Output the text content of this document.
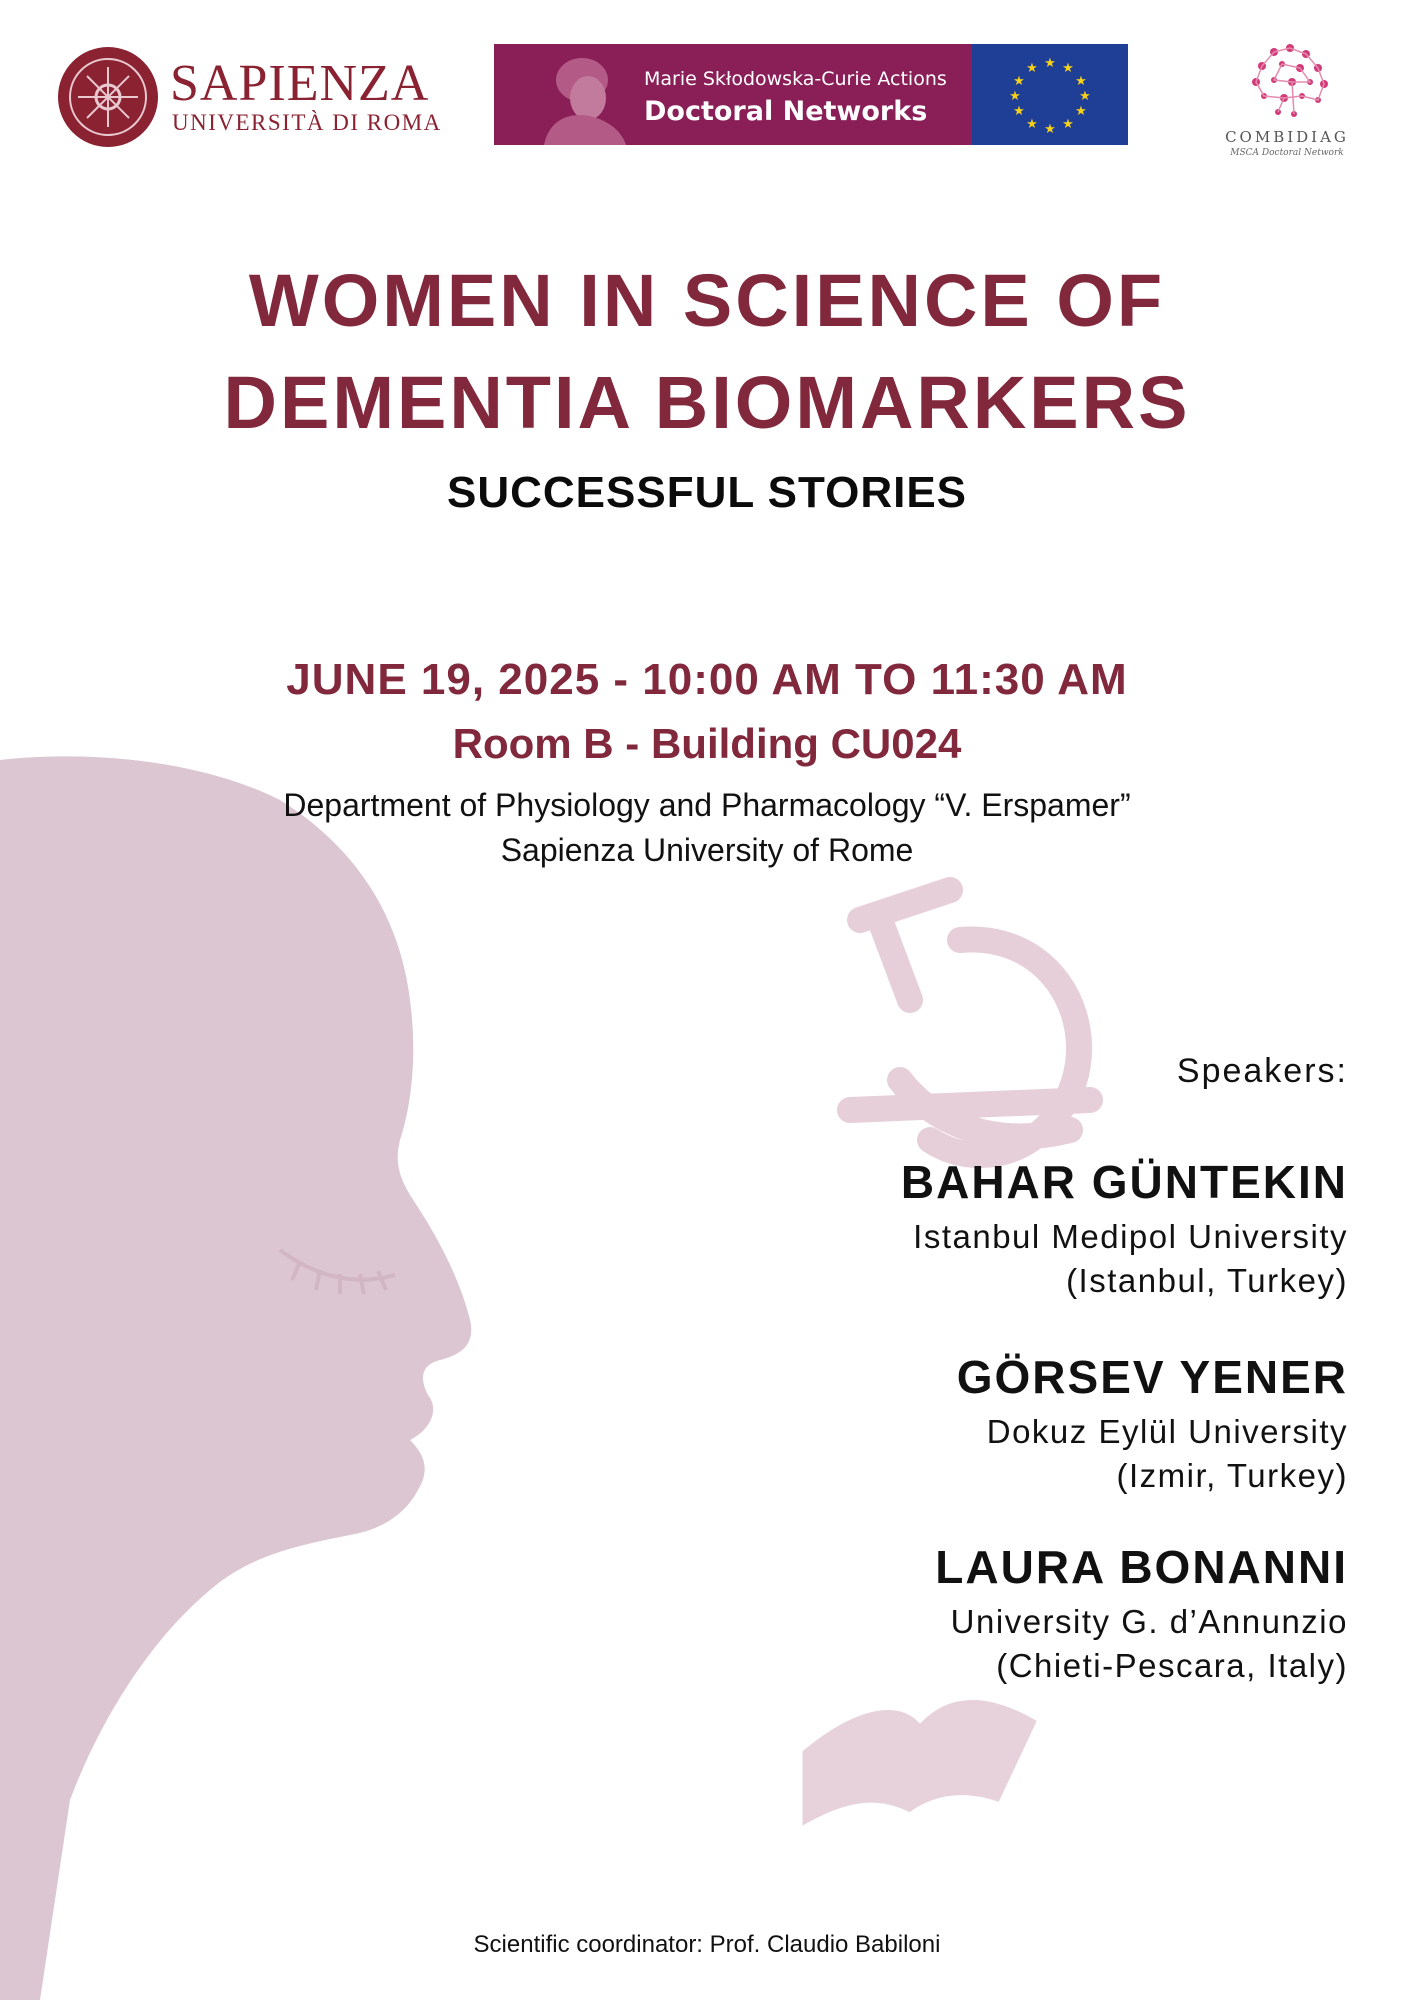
SAPIENZA
UNIVERSITÀ DI ROMA
Marie Skłodowska-Curie Actions
Doctoral Networks
★ ★
★
★
★
★
★
★
★
★
★
★
COMBIDIAG
MSCA Doctoral Network
WOMEN IN SCIENCE OF
DEMENTIA BIOMARKERS
SUCCESSFUL STORIES
JUNE 19, 2025 - 10:00 AM TO 11:30 AM
Room B - Building CU024
Department of Physiology and Pharmacology “V. Erspamer”
Sapienza University of Rome
Speakers:
BAHAR GÜNTEKIN
Istanbul Medipol University
(Istanbul, Turkey)
GÖRSEV YENER
Dokuz Eylül University
(Izmir, Turkey)
LAURA BONANNI
University G. d’Annunzio
(Chieti-Pescara, Italy)
Scientific coordinator: Prof. Claudio Babiloni
